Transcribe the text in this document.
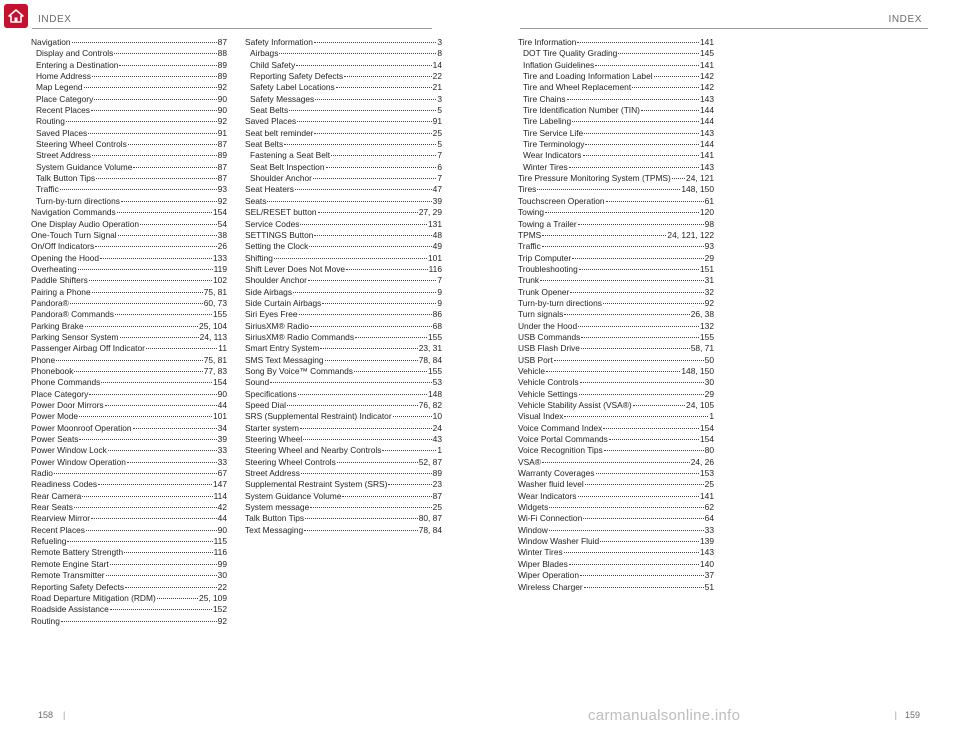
INDEX	INDEX
Navigation	87
Display and Controls	88
Entering a Destination	89
Home Address	89
Map Legend	92
Place Category	90
Recent Places	90
Routing	92
Saved Places	91
Steering Wheel Controls	87
Street Address	89
System Guidance Volume	87
Talk Button Tips	87
Traffic	93
Turn-by-turn directions	92
Navigation Commands	154
One Display Audio Operation	54
One-Touch Turn Signal	38
On/Off Indicators	26
Opening the Hood	133
Overheating	119
Paddle Shifters	102
Pairing a Phone	75, 81
Pandora®	60, 73
Pandora® Commands	155
Parking Brake	25, 104
Parking Sensor System	24, 113
Passenger Airbag Off Indicator	11
Phone	75, 81
Phonebook	77, 83
Phone Commands	154
Place Category	90
Power Door Mirrors	44
Power Mode	101
Power Moonroof Operation	34
Power Seats	39
Power Window Lock	33
Power Window Operation	33
Radio	67
Readiness Codes	147
Rear Camera	114
Rear Seats	42
Rearview Mirror	44
Recent Places	90
Refueling	115
Remote Battery Strength	116
Remote Engine Start	99
Remote Transmitter	30
Reporting Safety Defects	22
Road Departure Mitigation (RDM)	25, 109
Roadside Assistance	152
Routing	92
Safety Information	3
Airbags	8
Child Safety	14
Reporting Safety Defects	22
Safety Label Locations	21
Safety Messages	3
Seat Belts	5
Saved Places	91
Seat belt reminder	25
Seat Belts	5
Fastening a Seat Belt	7
Seat Belt Inspection	6
Shoulder Anchor	7
Seat Heaters	47
Seats	39
SEL/RESET button	27, 29
Service Codes	131
SETTINGS Button	48
Setting the Clock	49
Shifting	101
Shift Lever Does Not Move	116
Shoulder Anchor	7
Side Airbags	9
Side Curtain Airbags	9
Siri Eyes Free	86
SiriusXM® Radio	68
SiriusXM® Radio Commands	155
Smart Entry System	23, 31
SMS Text Messaging	78, 84
Song By Voice™ Commands	155
Sound	53
Specifications	148
Speed Dial	76, 82
SRS (Supplemental Restraint) Indicator	10
Starter system	24
Steering Wheel	43
Steering Wheel and Nearby Controls	1
Steering Wheel Controls	52, 87
Street Address	89
Supplemental Restraint System (SRS)	23
System Guidance Volume	87
System message	25
Talk Button Tips	80, 87
Text Messaging	78, 84
Tire Information	141
DOT Tire Quality Grading	145
Inflation Guidelines	141
Tire and Loading Information Label	142
Tire and Wheel Replacement	142
Tire Chains	143
Tire Identification Number (TIN)	144
Tire Labeling	144
Tire Service Life	143
Tire Terminology	144
Wear Indicators	141
Winter Tires	143
Tire Pressure Monitoring System (TPMS) 24, 121
Tires	148, 150
Touchscreen Operation	61
Towing	120
Towing a Trailer	98
TPMS	24, 121, 122
Traffic	93
Trip Computer	29
Troubleshooting	151
Trunk	31
Trunk Opener	32
Turn-by-turn directions	92
Turn signals	26, 38
Under the Hood	132
USB Commands	155
USB Flash Drive	58, 71
USB Port	50
Vehicle	148, 150
Vehicle Controls	30
Vehicle Settings	29
Vehicle Stability Assist (VSA®)	24, 105
Visual Index	1
Voice Command Index	154
Voice Portal Commands	154
Voice Recognition Tips	80
VSA®	24, 26
Warranty Coverages	153
Washer fluid level	25
Wear Indicators	141
Widgets	62
Wi-Fi Connection	64
Window	33
Window Washer Fluid	139
Winter Tires	143
Wiper Blades	140
Wiper Operation	37
Wireless Charger	51
158 |	| 159
carmanualsonline.info
